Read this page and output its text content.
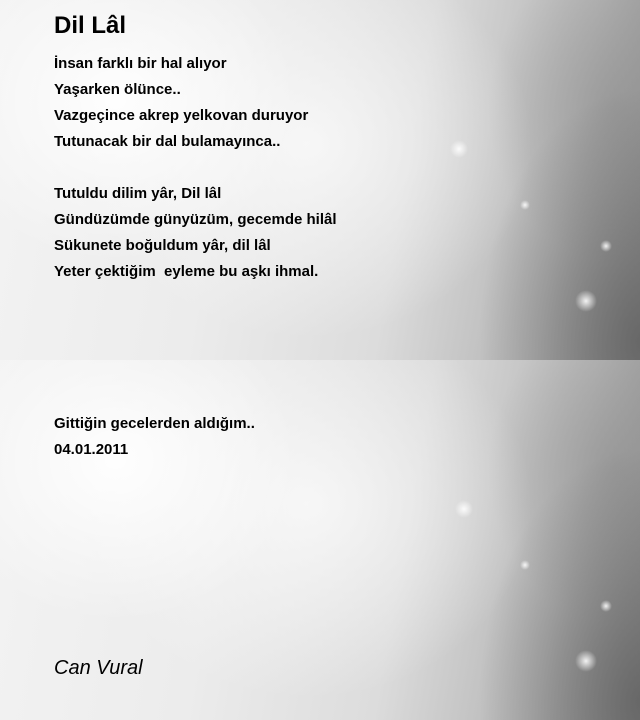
Dil Lâl
İnsan farklı bir hal alıyor
Yaşarken ölünce..
Vazgeçince akrep yelkovan duruyor
Tutunacak bir dal bulamayınca..
Tutuldu dilim yâr, Dil lâl
Gündüzümde günyüzüm, gecemde hilâl
Sükunete boğuldum yâr, dil lâl
Yeter çektiğim  eyleme bu aşkı ihmal.
Gittiğin gecelerden aldığım..
04.01.2011

Can Vural
